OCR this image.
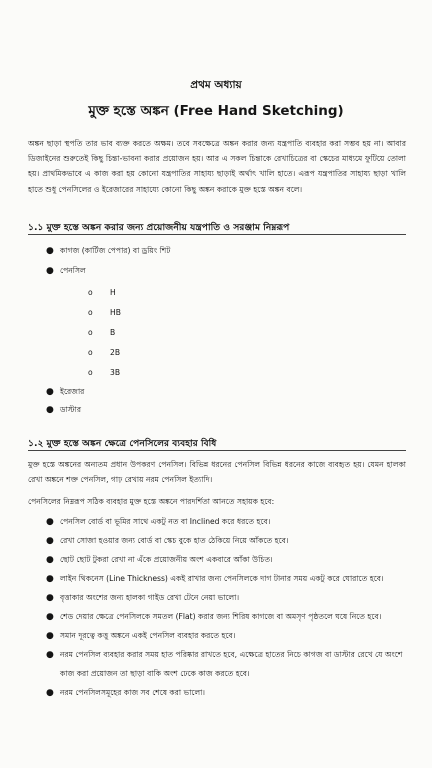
প্রথম অধ্যায়
মুক্ত হস্তে অঙ্কন (Free Hand Sketching)

অঙ্কন ছাড়া স্থপতি তার ভাব ব্যক্ত করতে অক্ষম। তবে সবক্ষেত্রে অঙ্কন করার জন্য যন্ত্রপাতি ব্যবহার করা সম্ভব হয় না। আবার ডিজাইনের শুরুতেই কিছু চিন্তা-ভাবনা করার প্রয়োজন হয়। আর এ সকল চিন্তাকে রেখাচিত্রের বা স্কেচের মাধ্যমে ফুটিয়ে তোলা হয়। প্রাথমিকভাবে এ কাজ করা হয় কোনো যন্ত্রপাতির সাহায্য ছাড়াই অর্থাৎ খালি হাতে। এরূপ যন্ত্রপাতির সাহায্য ছাড়া খালি হাতে শুধু পেনসিলের ও ইরেজারের সাহায্যে কোনো কিছু অঙ্কন করাকে মুক্ত হস্তে অঙ্কন বলে।

১.১ মুক্ত হস্তে অঙ্কন করার জন্য প্রয়োজনীয় যন্ত্রপাতি ও সরঞ্জাম নিম্নরূপ
● কাগজ (কার্টিজ পেপার) বা ড্রয়িং শিট
● পেনসিল
o H
o HB
o B
o 2B
o 3B
● ইরেজার
● ডাস্টার
১.২ মুক্ত হস্তে অঙ্কন ক্ষেত্রে পেনসিলের ব্যবহার বিধি

মুক্ত হস্তে অঙ্কনের অন্যতম প্রধান উপকরণ পেনসিল। বিভিন্ন ধরনের পেনসিল বিভিন্ন ধরনের কাজে ব্যবহৃত হয়। যেমন হালকা রেখা অঙ্কনে শক্ত পেনসিল, গাঢ় রেখায় নরম পেনসিল ইত্যাদি।

পেনসিলের নিম্নরূপ সঠিক ব্যবহার মুক্ত হস্তে অঙ্কনে পারদর্শিতা আনতে সহায়ক হবে:

● পেনসিল বোর্ড বা ভূমির সাথে একটু নত বা Inclined করে ধরতে হবে।
● রেখা সোজা হওয়ার জন্য বোর্ড বা স্কেচ বুকে হাত ঠেকিয়ে নিয়ে আঁকতে হবে।
● ছোট ছোট টুকরা রেখা না এঁকে প্রয়োজনীয় অংশ একবারে আঁকা উচিত।
● লাইন থিকনেস (Line Thickness) একই রাখার জন্য পেনসিলকে দাগ টানার সময় একটু করে ঘোরাতে হবে।
● বৃত্তাকার অংশের জন্য হালকা গাইড রেখা টেনে নেয়া ভালো।
● শেড দেয়ার ক্ষেত্রে পেনসিলকে সমতল (Flat) করার জন্য শিরিষ কাগজে বা অমসৃণ পৃষ্ঠতলে ঘষে নিতে হবে।
● সমান দূরত্বে কত্তু অঙ্কনে একই পেনসিল ব্যবহার করতে হবে।
● নরম পেনসিল ব্যবহার করার সময় হাত পরিষ্কার রাখতে হবে, এক্ষেত্রে হাতের নিচে কাগজ বা ডাস্টার রেখে যে অংশে কাজ করা প্রয়োজন তা ছাড়া বাকি অংশ ঢেকে কাজ করতে হবে।
● নরম পেনসিলসমূহের কাজ সব শেষে করা ভালো।
